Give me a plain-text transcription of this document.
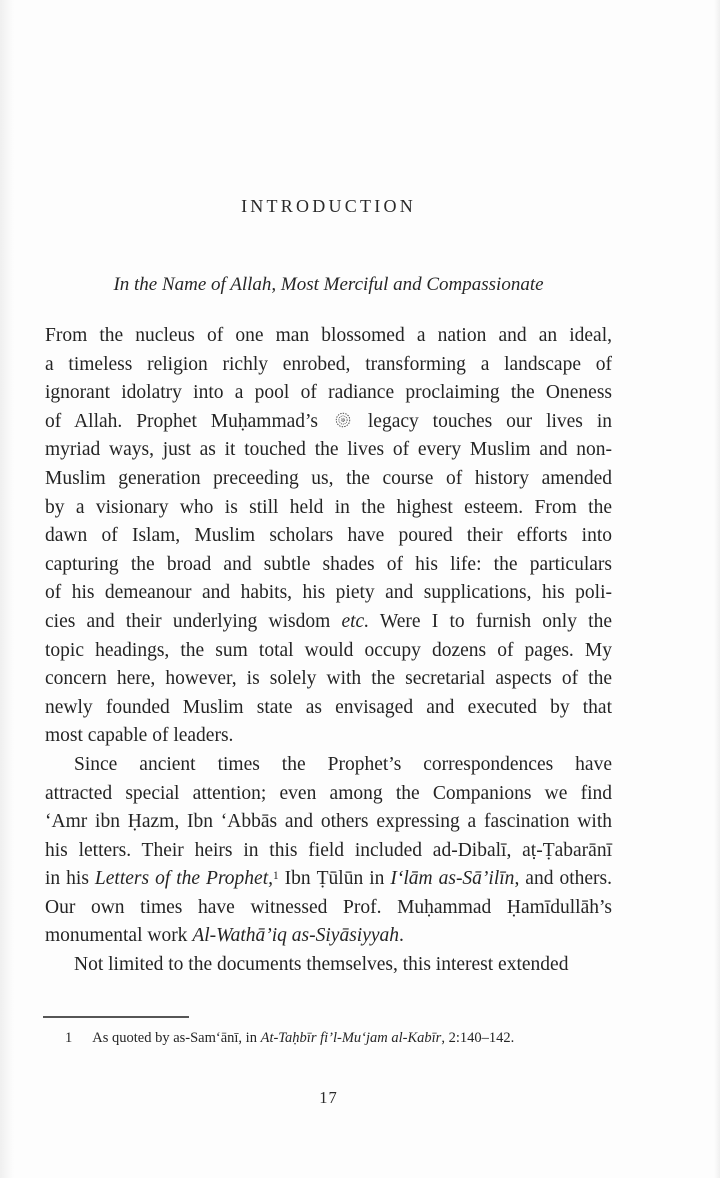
INTRODUCTION
In the Name of Allah, Most Merciful and Compassionate
From the nucleus of one man blossomed a nation and an ideal,
a timeless religion richly enrobed, transforming a landscape of
ignorant idolatry into a pool of radiance proclaiming the Oneness
of Allah. Prophet Muḥammad’s
legacy touches our lives in
myriad ways, just as it touched the lives of every Muslim and non-
Muslim generation preceeding us, the course of history amended
by a visionary who is still held in the highest esteem. From the
dawn of Islam, Muslim scholars have poured their efforts into
capturing the broad and subtle shades of his life: the particulars
of his demeanour and habits, his piety and supplications, his poli-
cies and their underlying wisdom etc. Were I to furnish only the
topic headings, the sum total would occupy dozens of pages. My
concern here, however, is solely with the secretarial aspects of the
newly founded Muslim state as envisaged and executed by that
most capable of leaders.
Since ancient times the Prophet’s correspondences have
attracted special attention; even among the Companions we find
‘Amr ibn Ḥazm, Ibn ‘Abbās and others expressing a fascination with
his letters. Their heirs in this field included ad-Dibalī, aṭ-Ṭabarānī
in his Letters of the Prophet,$^1$ Ibn Ṭūlūn in I‘lām as-Sā’ilīn, and others.
Our own times have witnessed Prof. Muḥammad Ḥamīdullāh’s
monumental work Al-Wathā’iq as-Siyāsiyyah.
Not limited to the documents themselves, this interest extended
1 As quoted by as-Sam‘ānī, in At-Taḥbīr fi’l-Mu‘jam al-Kabīr, 2:140–142.
17
